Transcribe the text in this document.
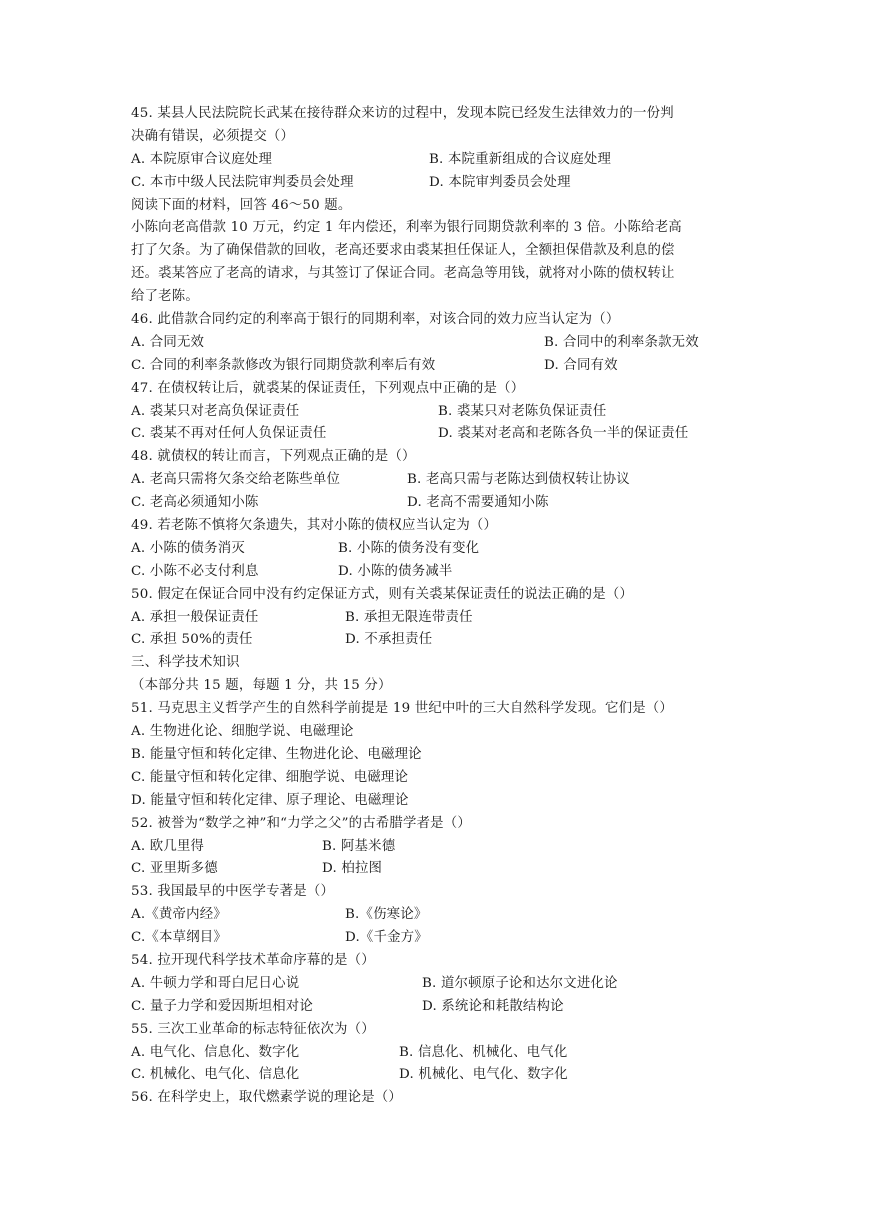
45. 某县人民法院院长武某在接待群众来访的过程中，发现本院已经发生法律效力的一份判
决确有错误，必须提交（）
A. 本院原审合议庭处理	B. 本院重新组成的合议庭处理
C. 本市中级人民法院审判委员会处理	D. 本院审判委员会处理
阅读下面的材料，回答 46～50 题。
小陈向老高借款 10 万元，约定 1 年内偿还，利率为银行同期贷款利率的 3 倍。小陈给老高
打了欠条。为了确保借款的回收，老高还要求由裘某担任保证人，全额担保借款及利息的偿
还。裘某答应了老高的请求，与其签订了保证合同。老高急等用钱，就将对小陈的债权转让
给了老陈。
46. 此借款合同约定的利率高于银行的同期利率，对该合同的效力应当认定为（）
A. 合同无效	B. 合同中的利率条款无效
C. 合同的利率条款修改为银行同期贷款利率后有效	D. 合同有效
47. 在债权转让后，就裘某的保证责任，下列观点中正确的是（）
A. 裘某只对老高负保证责任	B. 裘某只对老陈负保证责任
C. 裘某不再对任何人负保证责任	D. 裘某对老高和老陈各负一半的保证责任
48. 就债权的转让而言，下列观点正确的是（）
A. 老高只需将欠条交给老陈些单位	B. 老高只需与老陈达到债权转让协议
C. 老高必须通知小陈	D. 老高不需要通知小陈
49. 若老陈不慎将欠条遗失，其对小陈的债权应当认定为（）
A. 小陈的债务消灭	B. 小陈的债务没有变化
C. 小陈不必支付利息	D. 小陈的债务减半
50. 假定在保证合同中没有约定保证方式，则有关裘某保证责任的说法正确的是（）
A. 承担一般保证责任	B. 承担无限连带责任
C. 承担 50%的责任	D. 不承担责任
三、科学技术知识
（本部分共 15 题，每题 1 分，共 15 分）
51. 马克思主义哲学产生的自然科学前提是 19 世纪中叶的三大自然科学发现。它们是（）
A. 生物进化论、细胞学说、电磁理论
B. 能量守恒和转化定律、生物进化论、电磁理论
C. 能量守恒和转化定律、细胞学说、电磁理论
D. 能量守恒和转化定律、原子理论、电磁理论
52. 被誉为“数学之神”和“力学之父”的古希腊学者是（）
A. 欧几里得	B. 阿基米德
C. 亚里斯多德	D. 柏拉图
53. 我国最早的中医学专著是（）
A.《黄帝内经》	B.《伤寒论》
C.《本草纲目》	D.《千金方》
54. 拉开现代科学技术革命序幕的是（）
A. 牛顿力学和哥白尼日心说	B. 道尔顿原子论和达尔文进化论
C. 量子力学和爱因斯坦相对论	D. 系统论和耗散结构论
55. 三次工业革命的标志特征依次为（）
A. 电气化、信息化、数字化	B. 信息化、机械化、电气化
C. 机械化、电气化、信息化	D. 机械化、电气化、数字化
56. 在科学史上，取代燃素学说的理论是（）
